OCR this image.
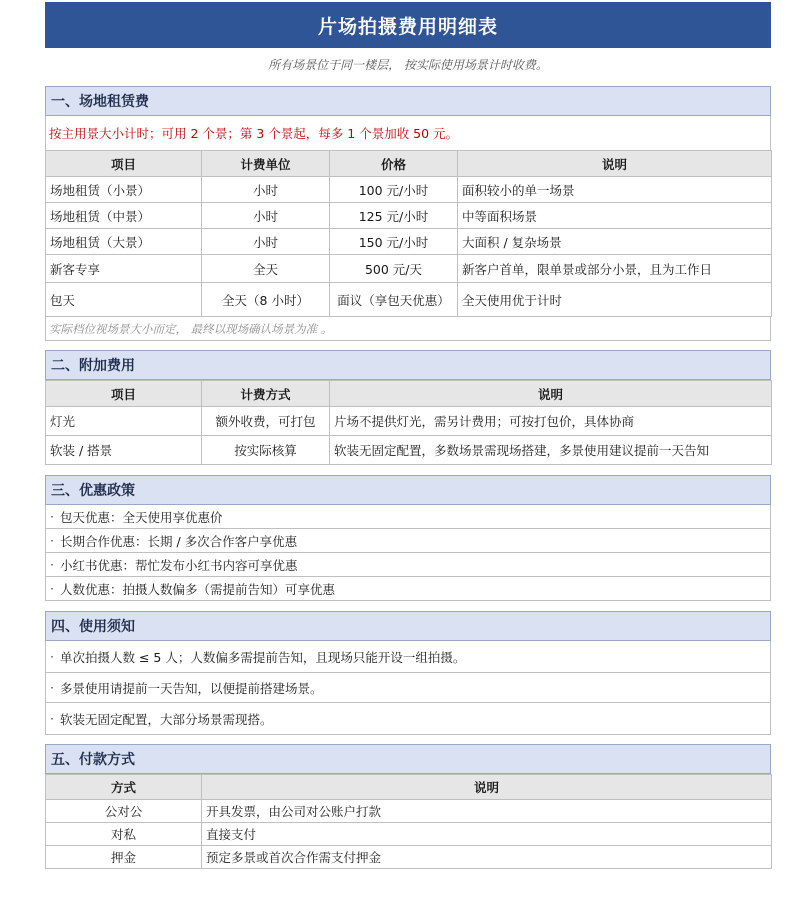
片场拍摄费用明细表
所有场景位于同一楼层， 按实际使用场景计时收费。
一、场地租赁费
按主用景大小计时；可用 2 个景；第 3 个景起，每多 1 个景加收 50 元。
项目	计费单位	价格	说明
场地租赁（小景）	小时	100 元/小时	面积较小的单一场景
场地租赁（中景）	小时	125 元/小时	中等面积场景
场地租赁（大景）	小时	150 元/小时	大面积 / 复杂场景
新客专享	全天	500 元/天	新客户首单，限单景或部分小景，且为工作日
包天	全天（8 小时）	面议（享包天优惠）	全天使用优于计时
实际档位视场景大小而定， 最终以现场确认场景为准 。
二、附加费用
项目	计费方式	说明
灯光	额外收费，可打包	片场不提供灯光，需另计费用；可按打包价，具体协商
软装 / 搭景	按实际核算	软装无固定配置，多数场景需现场搭建，多景使用建议提前一天告知
三、优惠政策
· 包天优惠：全天使用享优惠价
· 长期合作优惠：长期 / 多次合作客户享优惠
· 小红书优惠：帮忙发布小红书内容可享优惠
· 人数优惠：拍摄人数偏多（需提前告知）可享优惠
四、使用须知
· 单次拍摄人数 ≤ 5 人；人数偏多需提前告知，且现场只能开设一组拍摄。
· 多景使用请提前一天告知，以便提前搭建场景。
· 软装无固定配置，大部分场景需现搭。
五、付款方式
方式	说明
公对公	开具发票，由公司对公账户打款
对私	直接支付
押金	预定多景或首次合作需支付押金
